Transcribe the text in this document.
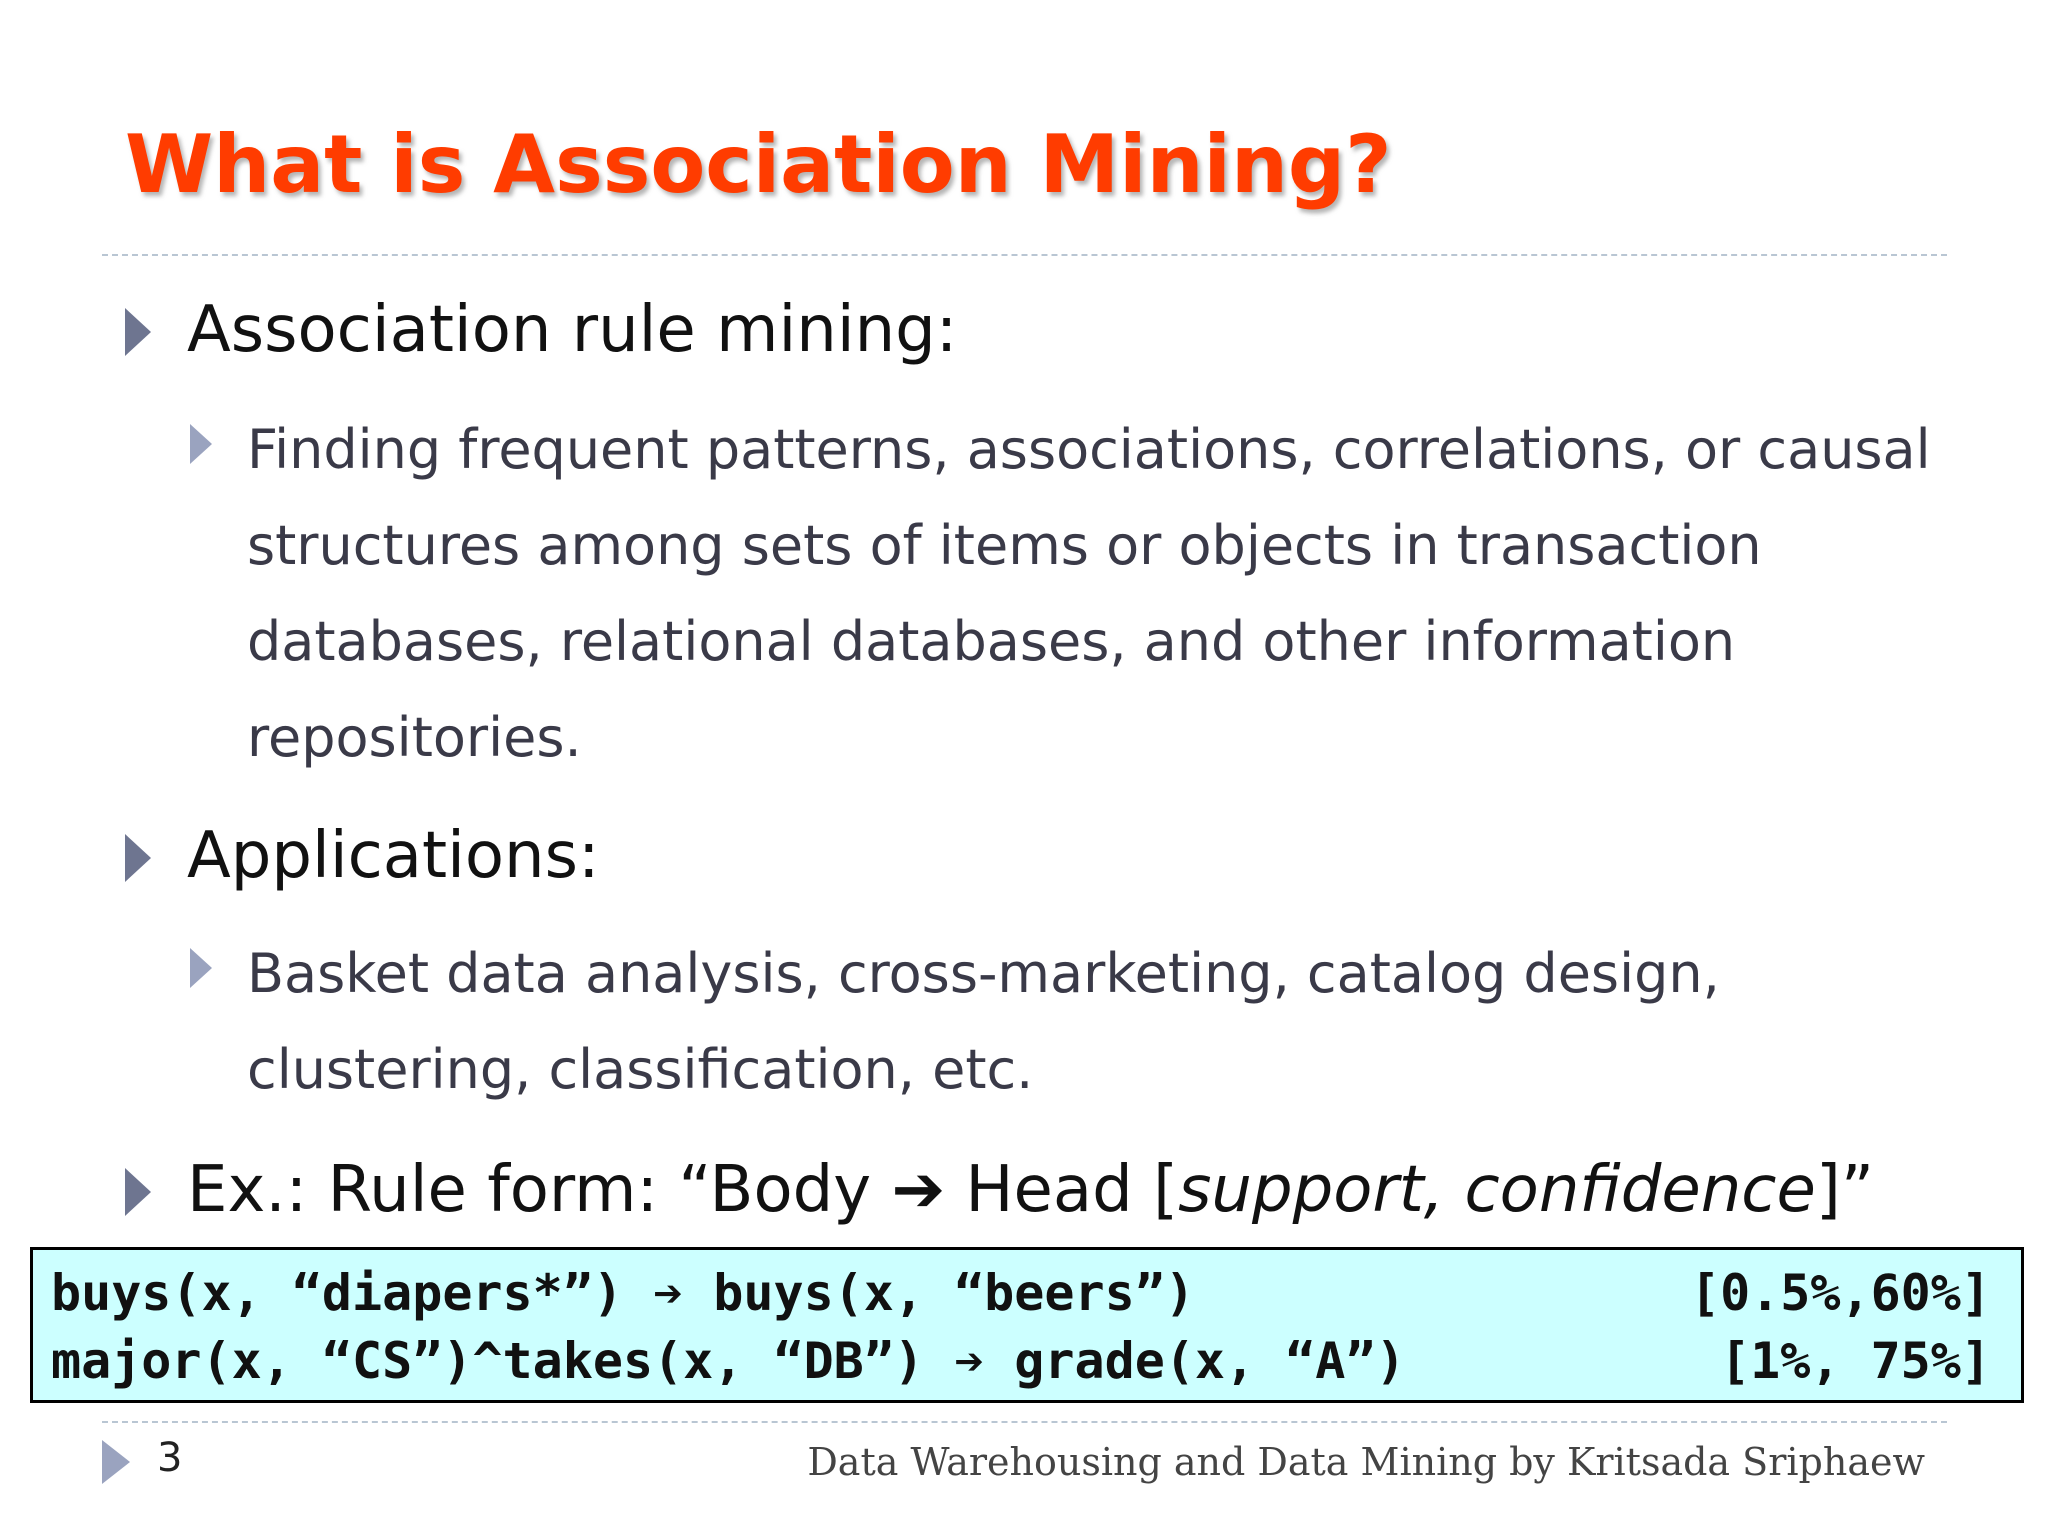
What is Association Mining?
Association rule mining:
Finding frequent patterns, associations, correlations, or causal
structures among sets of items or objects in transaction
databases, relational databases, and other information
repositories.
Applications:
Basket data analysis, cross-marketing, catalog design,
clustering, classification, etc.
Ex.: Rule form: “Body ➔ Head [support, confidence]”
buys(x, “diapers*”) ➔ buys(x, “beers”)	[0.5%,60%]
major(x, “CS”)^takes(x, “DB”) ➔ grade(x, “A”)	[1%, 75%]
3	Data Warehousing and Data Mining by Kritsada Sriphaew
